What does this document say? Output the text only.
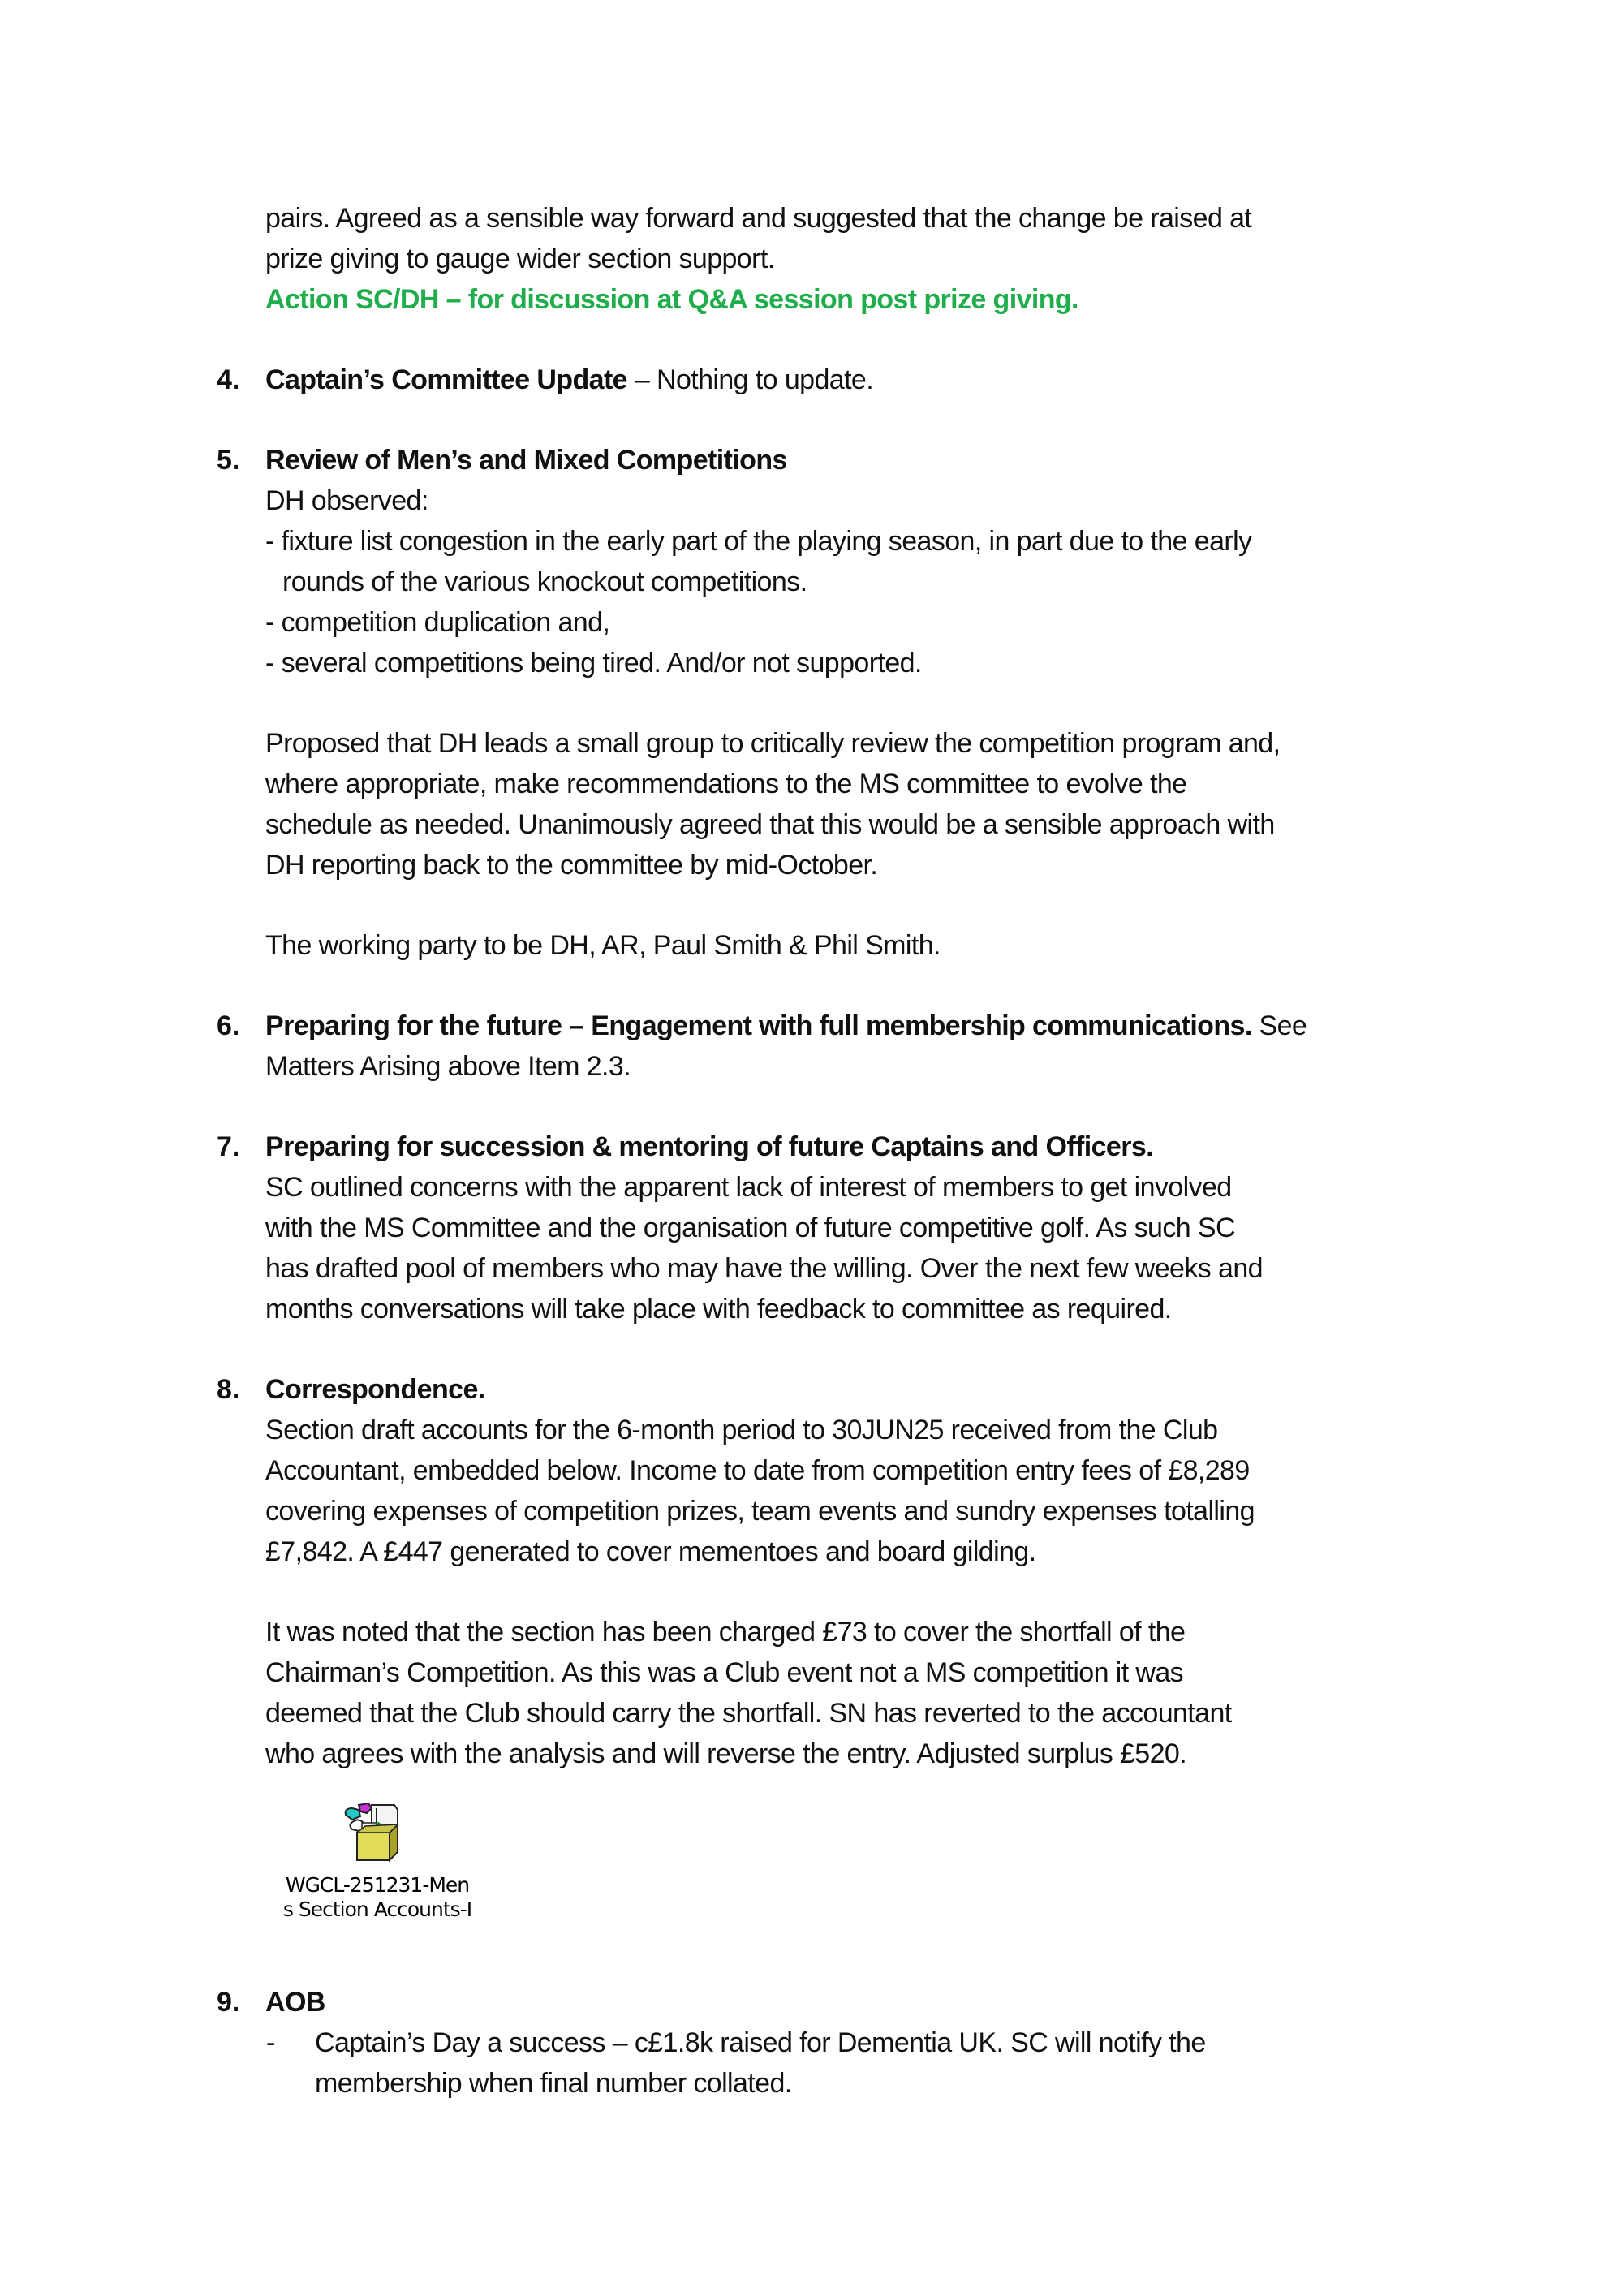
pairs. Agreed as a sensible way forward and suggested that the change be raised at
prize giving to gauge wider section support.
Action SC/DH – for discussion at Q&A session post prize giving.
4. Captain’s Committee Update – Nothing to update.
5. Review of Men’s and Mixed Competitions
DH observed:
- fixture list congestion in the early part of the playing season, in part due to the early
rounds of the various knockout competitions.
- competition duplication and,
- several competitions being tired. And/or not supported.
Proposed that DH leads a small group to critically review the competition program and,
where appropriate, make recommendations to the MS committee to evolve the
schedule as needed. Unanimously agreed that this would be a sensible approach with
DH reporting back to the committee by mid-October.
The working party to be DH, AR, Paul Smith & Phil Smith.
6. Preparing for the future – Engagement with full membership communications. See
Matters Arising above Item 2.3.
7. Preparing for succession & mentoring of future Captains and Officers.
SC outlined concerns with the apparent lack of interest of members to get involved
with the MS Committee and the organisation of future competitive golf. As such SC
has drafted pool of members who may have the willing. Over the next few weeks and
months conversations will take place with feedback to committee as required.
8. Correspondence.
Section draft accounts for the 6-month period to 30JUN25 received from the Club
Accountant, embedded below. Income to date from competition entry fees of £8,289
covering expenses of competition prizes, team events and sundry expenses totalling
£7,842. A £447 generated to cover mementoes and board gilding.
It was noted that the section has been charged £73 to cover the shortfall of the
Chairman’s Competition. As this was a Club event not a MS competition it was
deemed that the Club should carry the shortfall. SN has reverted to the accountant
who agrees with the analysis and will reverse the entry. Adjusted surplus £520.
WGCL-251231-Men
s Section Accounts-I
9. AOB
- Captain’s Day a success – c£1.8k raised for Dementia UK. SC will notify the
membership when final number collated.
